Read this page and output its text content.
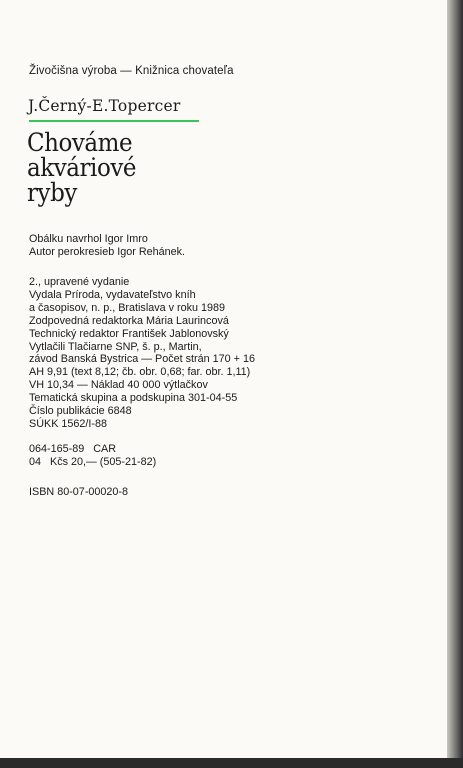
Živočišna výroba — Knižnica chovateľa
J.Černý-E.Topercer
Chováme
akváriové
ryby
Obálku navrhol Igor Imro
Autor perokresieb Igor Rehánek.
2., upravené vydanie
Vydala Príroda, vydavateľstvo kníh
a časopisov, n. p., Bratislava v roku 1989
Zodpovedná redaktorka Mária Laurincová
Technický redaktor František Jablonovský
Vytlačili Tlačiarne SNP, š. p., Martin,
závod Banská Bystrica — Počet strán 170 + 16
AH 9,91 (text 8,12; čb. obr. 0,68; far. obr. 1,11)
VH 10,34 — Náklad 40 000 výtlačkov
Tematická skupina a podskupina 301-04-55
Číslo publikácie 6848
SÚKK 1562/I-88
064-165-89   CAR
04   Kčs 20,— (505-21-82)
ISBN 80-07-00020-8
